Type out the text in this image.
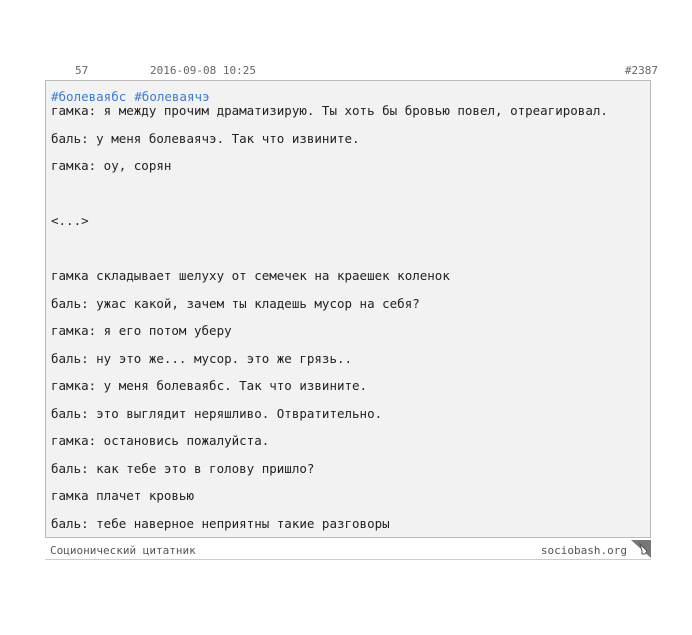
57	2016-09-08 10:25	#2387
#болеваябс #болеваячэ
гамка: я между прочим драматизирую. Ты хоть бы бровью повел, отреагировал.
баль: у меня болеваячэ. Так что извините.
гамка: оу, сорян
<...>
гамка складывает шелуху от семечек на краешек коленок
баль: ужас какой, зачем ты кладешь мусор на себя?
гамка: я его потом уберу
баль: ну это же... мусор. это же грязь..
гамка: у меня болеваябс. Так что извините.
баль: это выглядит неряшливо. Отвратительно.
гамка: остановись пожалуйста.
баль: как тебе это в голову пришло?
гамка плачет кровью
баль: тебе наверное неприятны такие разговоры
Соционический цитатник	sociobash.org
